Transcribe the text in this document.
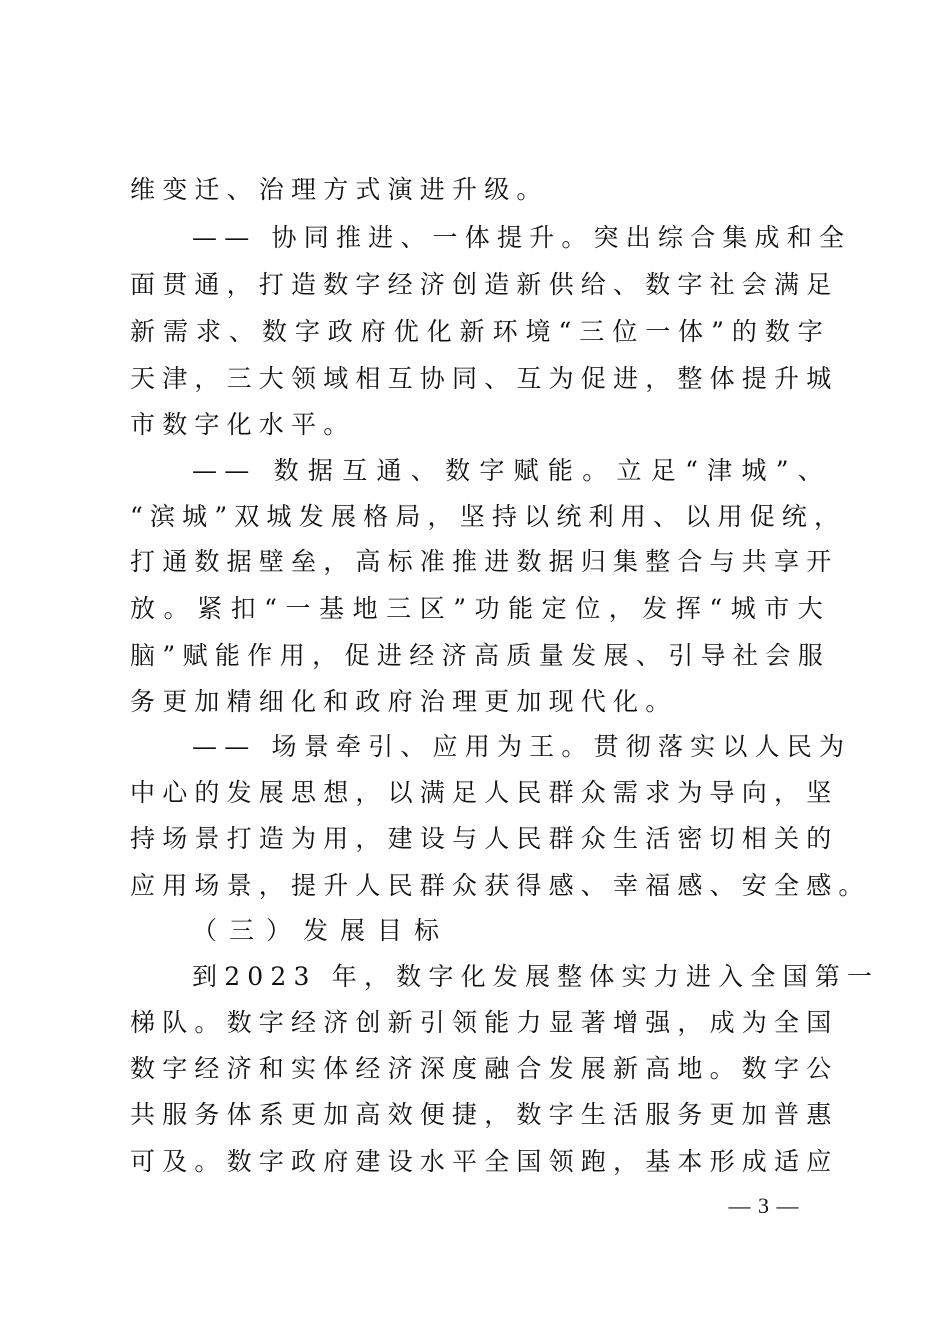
维变迁、治理方式演进升级。
—— 协同推进、一体提升。突出综合集成和全
面贯通，打造数字经济创造新供给、数字社会满足
新需求、数字政府优化新环境“三位一体”的数字
天津，三大领域相互协同、互为促进，整体提升城
市数字化水平。
—— 数据互通、数字赋能。立足“津城”、
“滨城”双城发展格局，坚持以统利用、以用促统，
打通数据壁垒，高标准推进数据归集整合与共享开
放。紧扣“一基地三区”功能定位，发挥“城市大
脑”赋能作用，促进经济高质量发展、引导社会服
务更加精细化和政府治理更加现代化。
—— 场景牵引、应用为王。贯彻落实以人民为
中心的发展思想，以满足人民群众需求为导向，坚
持场景打造为用，建设与人民群众生活密切相关的
应用场景，提升人民群众获得感、幸福感、安全感。
（三）发展目标
到2023 年，数字化发展整体实力进入全国第一
梯队。数字经济创新引领能力显著增强，成为全国
数字经济和实体经济深度融合发展新高地。数字公
共服务体系更加高效便捷，数字生活服务更加普惠
可及。数字政府建设水平全国领跑，基本形成适应
— 3 —
